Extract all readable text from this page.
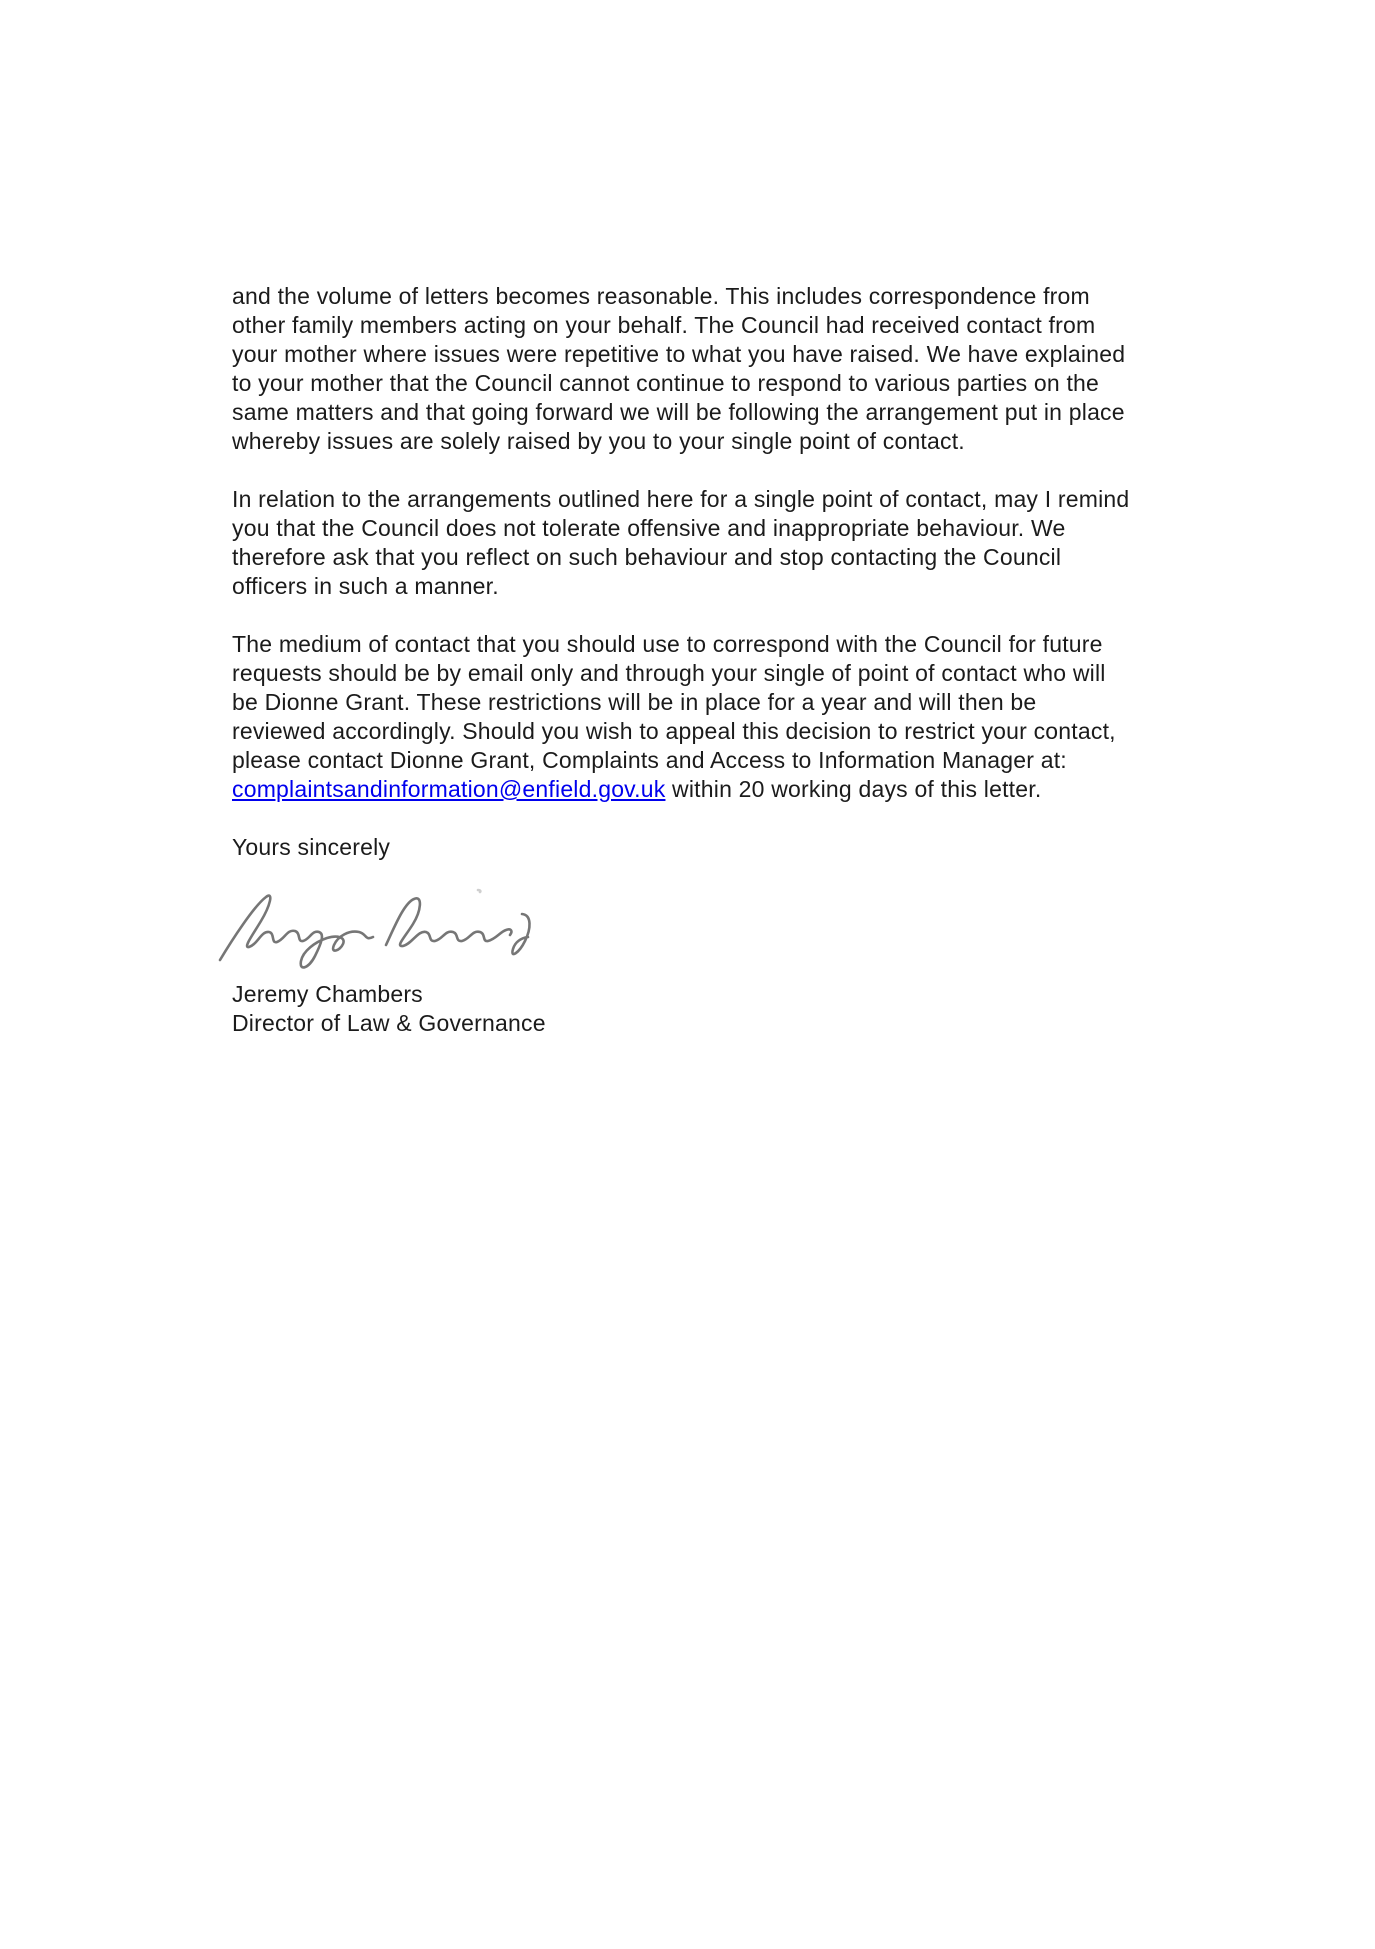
and the volume of letters becomes reasonable. This includes correspondence from
other family members acting on your behalf. The Council had received contact from
your mother where issues were repetitive to what you have raised. We have explained
to your mother that the Council cannot continue to respond to various parties on the
same matters and that going forward we will be following the arrangement put in place
whereby issues are solely raised by you to your single point of contact.
In relation to the arrangements outlined here for a single point of contact, may I remind
you that the Council does not tolerate offensive and inappropriate behaviour. We
therefore ask that you reflect on such behaviour and stop contacting the Council
officers in such a manner.
The medium of contact that you should use to correspond with the Council for future
requests should be by email only and through your single of point of contact who will
be Dionne Grant. These restrictions will be in place for a year and will then be
reviewed accordingly. Should you wish to appeal this decision to restrict your contact,
please contact Dionne Grant, Complaints and Access to Information Manager at:
complaintsandinformation@enfield.gov.uk within 20 working days of this letter.
Yours sincerely
Jeremy Chambers
Director of Law & Governance
